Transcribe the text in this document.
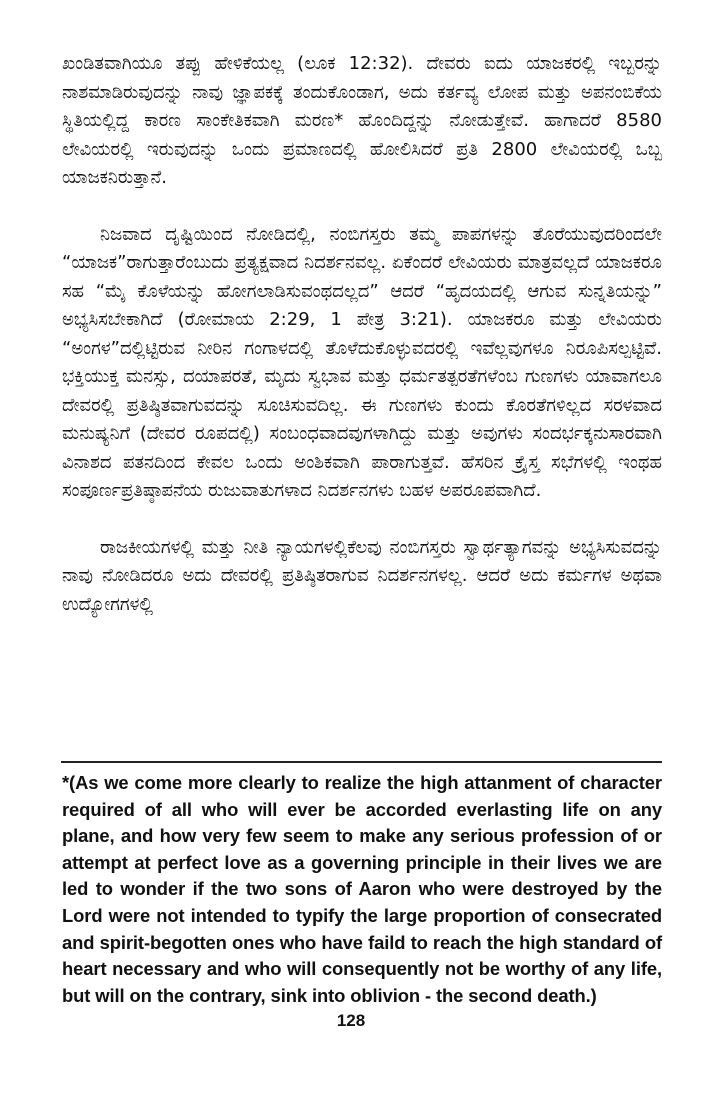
ಖಂಡಿತವಾಗಿಯೂ ತಪ್ಪು ಹೇಳಿಕೆಯಲ್ಲ (ಲೂಕ 12:32). ದೇವರು ಐದು ಯಾಜಕರಲ್ಲಿ ಇಬ್ಬರನ್ನು ನಾಶಮಾಡಿರುವುದನ್ನು ನಾವು ಜ್ಞಾಪಕಕ್ಕೆ ತಂದುಕೊಂಡಾಗ, ಅದು ಕರ್ತವ್ಯ ಲೋಪ ಮತ್ತು ಅಪನಂಬಿಕೆಯ ಸ್ಥಿತಿಯಲ್ಲಿದ್ದ ಕಾರಣ ಸಾಂಕೇತಿಕವಾಗಿ ಮರಣ* ಹೊಂದಿದ್ದನ್ನು ನೋಡುತ್ತೇವೆ. ಹಾಗಾದರೆ 8580 ಲೇವಿಯರಲ್ಲಿ ಇರುವುದನ್ನು ಒಂದು ಪ್ರಮಾಣದಲ್ಲಿ ಹೋಲಿಸಿದರೆ ಪ್ರತಿ 2800 ಲೇವಿಯರಲ್ಲಿ ಒಬ್ಬ ಯಾಜಕನಿರುತ್ತಾನೆ.

ನಿಜವಾದ ದೃಷ್ಟಿಯಿಂದ ನೋಡಿದಲ್ಲಿ, ನಂಬಿಗಸ್ತರು ತಮ್ಮ ಪಾಪಗಳನ್ನು ತೊರೆಯುವುದರಿಂದಲೇ “ಯಾಜಕ”ರಾಗುತ್ತಾರೆಂಬುದು ಪ್ರತ್ಯಕ್ಷವಾದ ನಿದರ್ಶನವಲ್ಲ. ಏಕೆಂದರೆ ಲೇವಿಯರು ಮಾತ್ರವಲ್ಲದೆ ಯಾಜಕರೂ ಸಹ “ಮೈ ಕೊಳೆಯನ್ನು ಹೋಗಲಾಡಿಸುವಂಥದಲ್ಲದ” ಆದರೆ “ಹೃದಯದಲ್ಲಿ ಆಗುವ ಸುನ್ನತಿಯನ್ನು” ಅಭ್ಯಸಿಸಬೇಕಾಗಿದೆ (ರೋಮಾಯ 2:29, 1 ಪೇತ್ರ 3:21). ಯಾಜಕರೂ ಮತ್ತು ಲೇವಿಯರು “ಅಂಗಳ”ದಲ್ಲಿಟ್ಟಿರುವ ನೀರಿನ ಗಂಗಾಳದಲ್ಲಿ ತೊಳೆದುಕೊಳ್ಳುವದರಲ್ಲಿ ಇವೆಲ್ಲವುಗಳೂ ನಿರೂಪಿಸಲ್ಪಟ್ಟಿವೆ. ಭಕ್ತಿಯುಕ್ತ ಮನಸ್ಸು, ದಯಾಪರತೆ, ಮೃದು ಸ್ವಭಾವ ಮತ್ತು ಧರ್ಮತತ್ಪರತೆಗಳೆಂಬ ಗುಣಗಳು ಯಾವಾಗಲೂ ದೇವರಲ್ಲಿ ಪ್ರತಿಷ್ಠಿತವಾಗುವದನ್ನು ಸೂಚಿಸುವದಿಲ್ಲ. ಈ ಗುಣಗಳು ಕುಂದು ಕೊರತೆಗಳಿಲ್ಲದ ಸರಳವಾದ ಮನುಷ್ಯನಿಗೆ (ದೇವರ ರೂಪದಲ್ಲಿ) ಸಂಬಂಧವಾದವುಗಳಾಗಿದ್ದು ಮತ್ತು ಅವುಗಳು ಸಂದರ್ಭಕ್ಕನುಸಾರವಾಗಿ ವಿನಾಶದ ಪತನದಿಂದ ಕೇವಲ ಒಂದು ಅಂಶಿಕವಾಗಿ ಪಾರಾಗುತ್ತವೆ. ಹೆಸರಿನ ಕ್ರೈಸ್ತ ಸಭೆಗಳಲ್ಲಿ ಇಂಥಹ ಸಂಪೂರ್ಣಪ್ರತಿಷ್ಠಾಪನೆಯ ರುಜುವಾತುಗಳಾದ ನಿದರ್ಶನಗಳು ಬಹಳ ಅಪರೂಪವಾಗಿದೆ.

ರಾಜಕೀಯಗಳಲ್ಲಿ ಮತ್ತು ನೀತಿ ನ್ಯಾಯಗಳಲ್ಲಿಕೆಲವು ನಂಬಿಗಸ್ತರು ಸ್ವಾರ್ಥತ್ಯಾಗವನ್ನು ಅಭ್ಯಸಿಸುವದನ್ನು ನಾವು ನೋಡಿದರೂ ಅದು ದೇವರಲ್ಲಿ ಪ್ರತಿಷ್ಠಿತರಾಗುವ ನಿದರ್ಶನಗಳಲ್ಲ. ಆದರೆ ಅದು ಕರ್ಮಗಳ ಅಥವಾ ಉದ್ಯೋಗಗಳಲ್ಲಿ

*(As we come more clearly to realize the high attanment of character required of all who will ever be accorded everlasting life on any plane, and how very few seem to make any serious profession of or attempt at perfect love as a governing principle in their lives we are led to wonder if the two sons of Aaron who were destroyed by the Lord were not intended to typify the large proportion of consecrated and spirit-begotten ones who have faild to reach the high standard of heart necessary and who will consequently not be worthy of any life, but will on the contrary, sink into oblivion - the second death.)

128
